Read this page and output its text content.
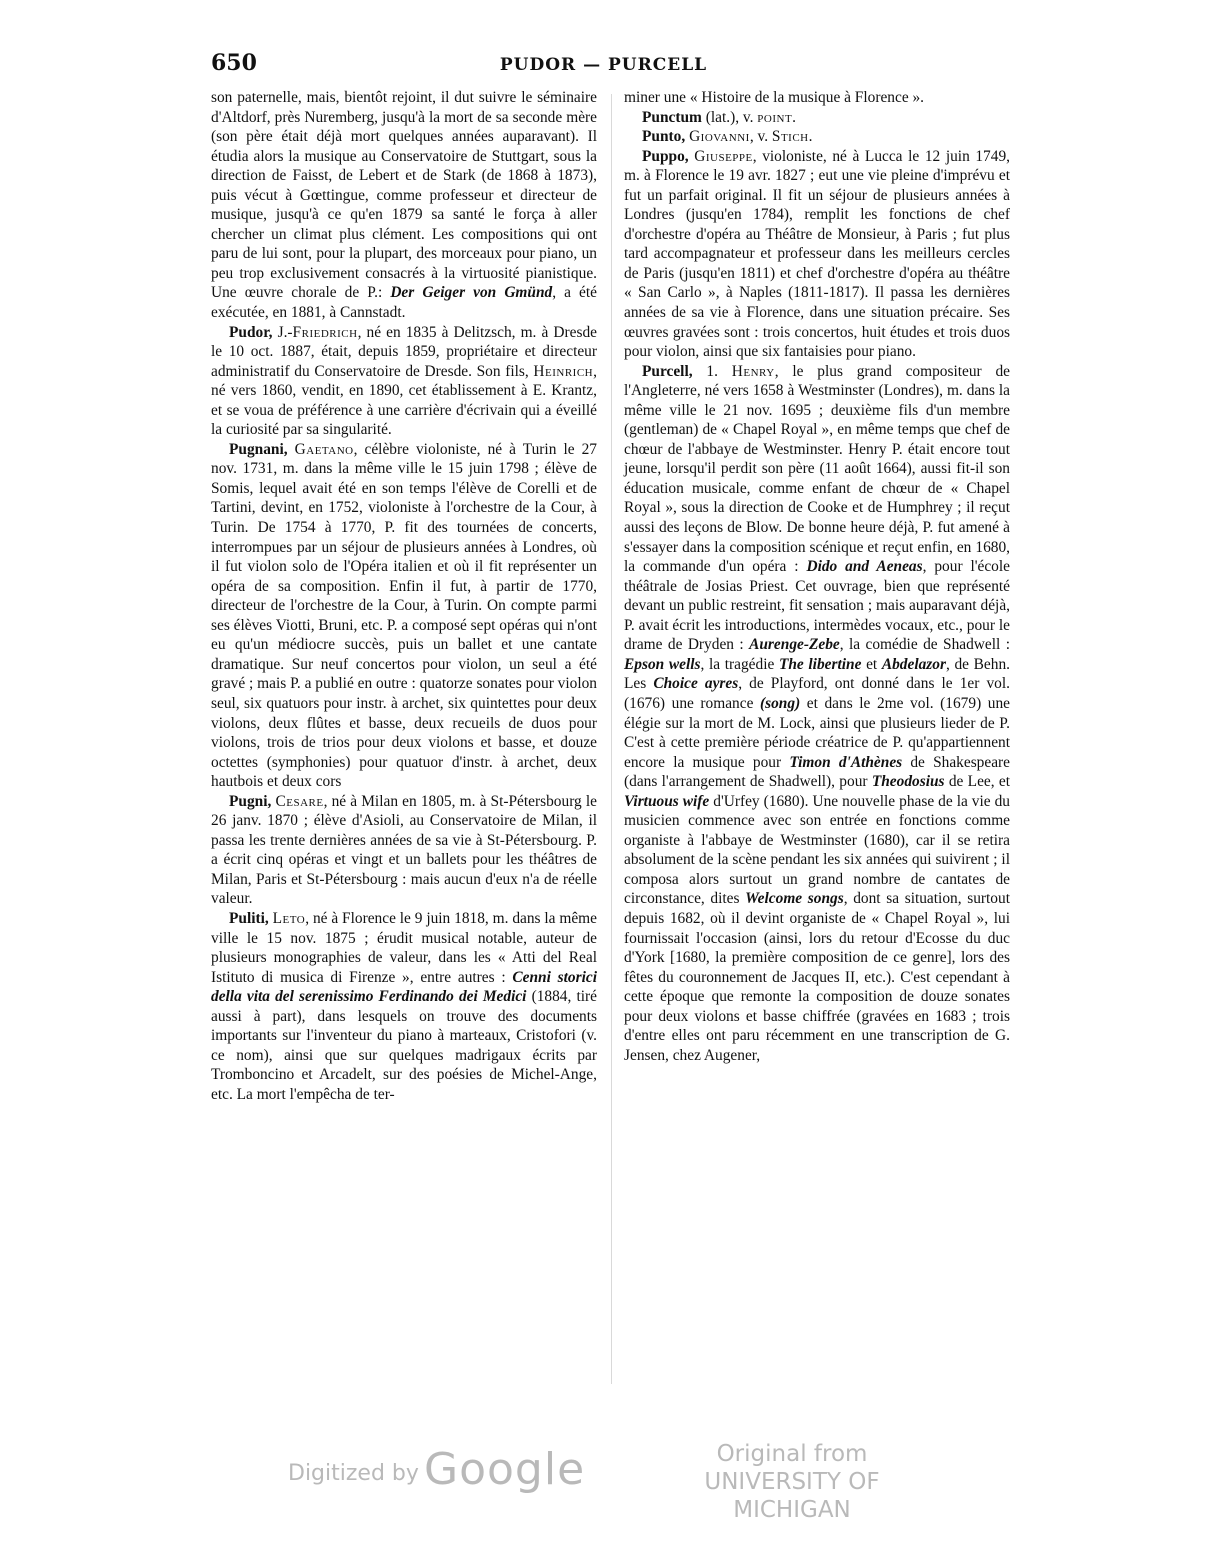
650	PUDOR — PURCELL

son paternelle, mais, bientôt rejoint, il dut suivre le séminaire d'Altdorf, près Nuremberg, jusqu'à la mort de sa seconde mère (son père était déjà mort quelques années auparavant). Il étudia alors la musique au Conservatoire de Stuttgart, sous la direction de Faisst, de Lebert et de Stark (de 1868 à 1873), puis vécut à Gœttingue, comme professeur et directeur de musique, jusqu'à ce qu'en 1879 sa santé le força à aller chercher un climat plus clément. Les compositions qui ont paru de lui sont, pour la plupart, des morceaux pour piano, un peu trop exclusivement consacrés à la virtuosité pianistique. Une œuvre chorale de P.: Der Geiger von Gmünd, a été exécutée, en 1881, à Cannstadt.

Pudor, J.-Friedrich, né en 1835 à Delitzsch, m. à Dresde le 10 oct. 1887, était, depuis 1859, propriétaire et directeur administratif du Conservatoire de Dresde. Son fils, Heinrich, né vers 1860, vendit, en 1890, cet établissement à E. Krantz, et se voua de préférence à une carrière d'écrivain qui a éveillé la curiosité par sa singularité.

Pugnani, Gaetano, célèbre violoniste, né à Turin le 27 nov. 1731, m. dans la même ville le 15 juin 1798 ; élève de Somis, lequel avait été en son temps l'élève de Corelli et de Tartini, devint, en 1752, violoniste à l'orchestre de la Cour, à Turin. De 1754 à 1770, P. fit des tournées de concerts, interrompues par un séjour de plusieurs années à Londres, où il fut violon solo de l'Opéra italien et où il fit représenter un opéra de sa composition. Enfin il fut, à partir de 1770, directeur de l'orchestre de la Cour, à Turin. On compte parmi ses élèves Viotti, Bruni, etc. P. a composé sept opéras qui n'ont eu qu'un médiocre succès, puis un ballet et une cantate dramatique. Sur neuf concertos pour violon, un seul a été gravé ; mais P. a publié en outre : quatorze sonates pour violon seul, six quatuors pour instr. à archet, six quintettes pour deux violons, deux flûtes et basse, deux recueils de duos pour violons, trois de trios pour deux violons et basse, et douze octettes (symphonies) pour quatuor d'instr. à archet, deux hautbois et deux cors

Pugni, Cesare, né à Milan en 1805, m. à St-Pétersbourg le 26 janv. 1870 ; élève d'Asioli, au Conservatoire de Milan, il passa les trente dernières années de sa vie à St-Pétersbourg. P. a écrit cinq opéras et vingt et un ballets pour les théâtres de Milan, Paris et St-Pétersbourg : mais aucun d'eux n'a de réelle valeur.

Puliti, Leto, né à Florence le 9 juin 1818, m. dans la même ville le 15 nov. 1875 ; érudit musical notable, auteur de plusieurs monographies de valeur, dans les « Atti del Real Istituto di musica di Firenze », entre autres : Cenni storici della vita del serenissimo Ferdinando dei Medici (1884, tiré aussi à part), dans lesquels on trouve des documents importants sur l'inventeur du piano à marteaux, Cristofori (v. ce nom), ainsi que sur quelques madrigaux écrits par Tromboncino et Arcadelt, sur des poésies de Michel-Ange, etc. La mort l'empêcha de ter-

miner une « Histoire de la musique à Florence ».

Punctum (lat.), v. point.

Punto, Giovanni, v. Stich.

Puppo, Giuseppe, violoniste, né à Lucca le 12 juin 1749, m. à Florence le 19 avr. 1827 ; eut une vie pleine d'imprévu et fut un parfait original. Il fit un séjour de plusieurs années à Londres (jusqu'en 1784), remplit les fonctions de chef d'orchestre d'opéra au Théâtre de Monsieur, à Paris ; fut plus tard accompagnateur et professeur dans les meilleurs cercles de Paris (jusqu'en 1811) et chef d'orchestre d'opéra au théâtre « San Carlo », à Naples (1811-1817). Il passa les dernières années de sa vie à Florence, dans une situation précaire. Ses œuvres gravées sont : trois concertos, huit études et trois duos pour violon, ainsi que six fantaisies pour piano.

Purcell, 1. Henry, le plus grand compositeur de l'Angleterre, né vers 1658 à Westminster (Londres), m. dans la même ville le 21 nov. 1695 ; deuxième fils d'un membre (gentleman) de « Chapel Royal », en même temps que chef de chœur de l'abbaye de Westminster. Henry P. était encore tout jeune, lorsqu'il perdit son père (11 août 1664), aussi fit-il son éducation musicale, comme enfant de chœur de « Chapel Royal », sous la direction de Cooke et de Humphrey ; il reçut aussi des leçons de Blow. De bonne heure déjà, P. fut amené à s'essayer dans la composition scénique et reçut enfin, en 1680, la commande d'un opéra : Dido and Aeneas, pour l'école théâtrale de Josias Priest. Cet ouvrage, bien que représenté devant un public restreint, fit sensation ; mais auparavant déjà, P. avait écrit les introductions, intermèdes vocaux, etc., pour le drame de Dryden : Aurenge-Zebe, la comédie de Shadwell : Epson wells, la tragédie The libertine et Abdelazor, de Behn. Les Choice ayres, de Playford, ont donné dans le 1er vol. (1676) une romance (song) et dans le 2me vol. (1679) une élégie sur la mort de M. Lock, ainsi que plusieurs lieder de P. C'est à cette première période créatrice de P. qu'appartiennent encore la musique pour Timon d'Athènes de Shakespeare (dans l'arrangement de Shadwell), pour Theodosius de Lee, et Virtuous wife d'Urfey (1680). Une nouvelle phase de la vie du musicien commence avec son entrée en fonctions comme organiste à l'abbaye de Westminster (1680), car il se retira absolument de la scène pendant les six années qui suivirent ; il composa alors surtout un grand nombre de cantates de circonstance, dites Welcome songs, dont sa situation, surtout depuis 1682, où il devint organiste de « Chapel Royal », lui fournissait l'occasion (ainsi, lors du retour d'Ecosse du duc d'York [1680, la première composition de ce genre], lors des fêtes du couronnement de Jacques II, etc.). C'est cependant à cette époque que remonte la composition de douze sonates pour deux violons et basse chiffrée (gravées en 1683 ; trois d'entre elles ont paru récemment en une transcription de G. Jensen, chez Augener,

Digitized by Google	Original from
UNIVERSITY OF MICHIGAN
